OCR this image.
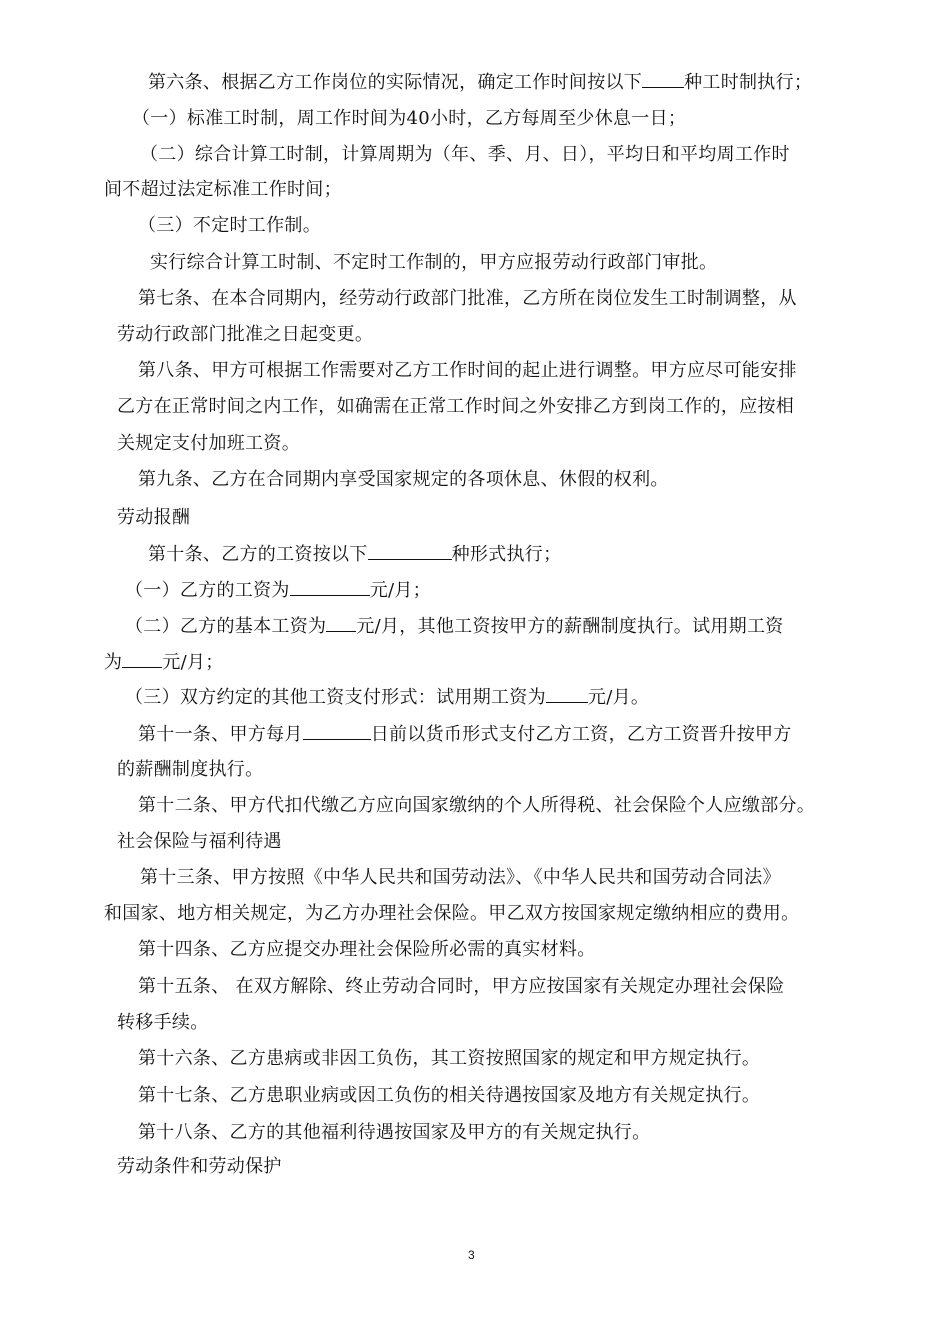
第六条、根据乙方工作岗位的实际情况，确定工作时间按以下 种工时制执行；
（一）标准工时制，周工作时间为40小时，乙方每周至少休息一日；
（二）综合计算工时制，计算周期为（年、季、月、日），平均日和平均周工作时
间不超过法定标准工作时间；
（三）不定时工作制。
实行综合计算工时制、不定时工作制的，甲方应报劳动行政部门审批。
第七条、在本合同期内，经劳动行政部门批准，乙方所在岗位发生工时制调整，从
劳动行政部门批准之日起变更。
第八条、甲方可根据工作需要对乙方工作时间的起止进行调整。甲方应尽可能安排
乙方在正常时间之内工作，如确需在正常工作时间之外安排乙方到岗工作的，应按相
关规定支付加班工资。
第九条、乙方在合同期内享受国家规定的各项休息、休假的权利。
劳动报酬
第十条、乙方的工资按以下	种形式执行；
（一）乙方的工资为	元/月；
（二）乙方的基本工资为 元/月，其他工资按甲方的薪酬制度执行。试用期工资
为 元/月；
（三）双方约定的其他工资支付形式：试用期工资为 元/月。
第十一条、甲方每月	日前以货币形式支付乙方工资，乙方工资晋升按甲方
的薪酬制度执行。
第十二条、甲方代扣代缴乙方应向国家缴纳的个人所得税、社会保险个人应缴部分。
社会保险与福利待遇
第十三条、甲方按照《中华人民共和国劳动法》、《中华人民共和国劳动合同法》
和国家、地方相关规定，为乙方办理社会保险。甲乙双方按国家规定缴纳相应的费用。
第十四条、乙方应提交办理社会保险所必需的真实材料。
第十五条、 在双方解除、终止劳动合同时，甲方应按国家有关规定办理社会保险
转移手续。
第十六条、乙方患病或非因工负伤，其工资按照国家的规定和甲方规定执行。
第十七条、乙方患职业病或因工负伤的相关待遇按国家及地方有关规定执行。
第十八条、乙方的其他福利待遇按国家及甲方的有关规定执行。
劳动条件和劳动保护
3
